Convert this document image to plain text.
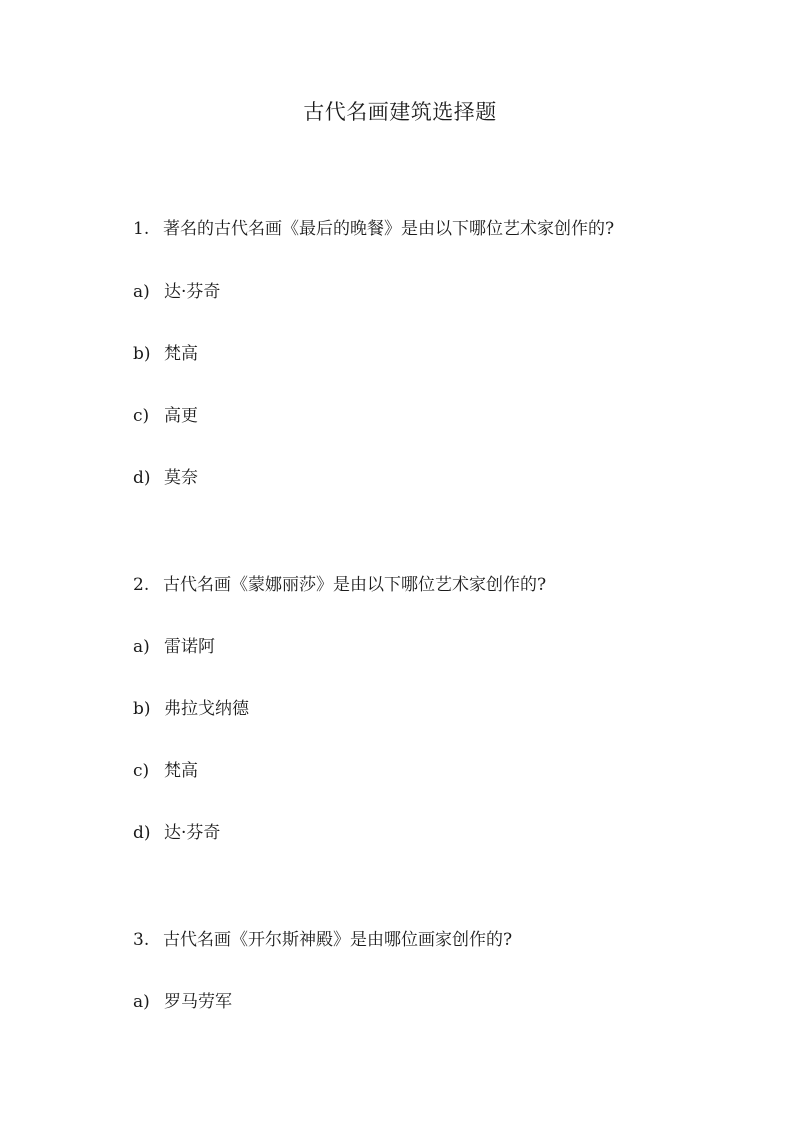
古代名画建筑选择题

1. 著名的古代名画《最后的晚餐》是由以下哪位艺术家创作的?

a) 达·芬奇

b) 梵高

c) 高更

d) 莫奈

2. 古代名画《蒙娜丽莎》是由以下哪位艺术家创作的?

a) 雷诺阿

b) 弗拉戈纳德

c) 梵高

d) 达·芬奇

3. 古代名画《开尔斯神殿》是由哪位画家创作的?

a) 罗马劳军
